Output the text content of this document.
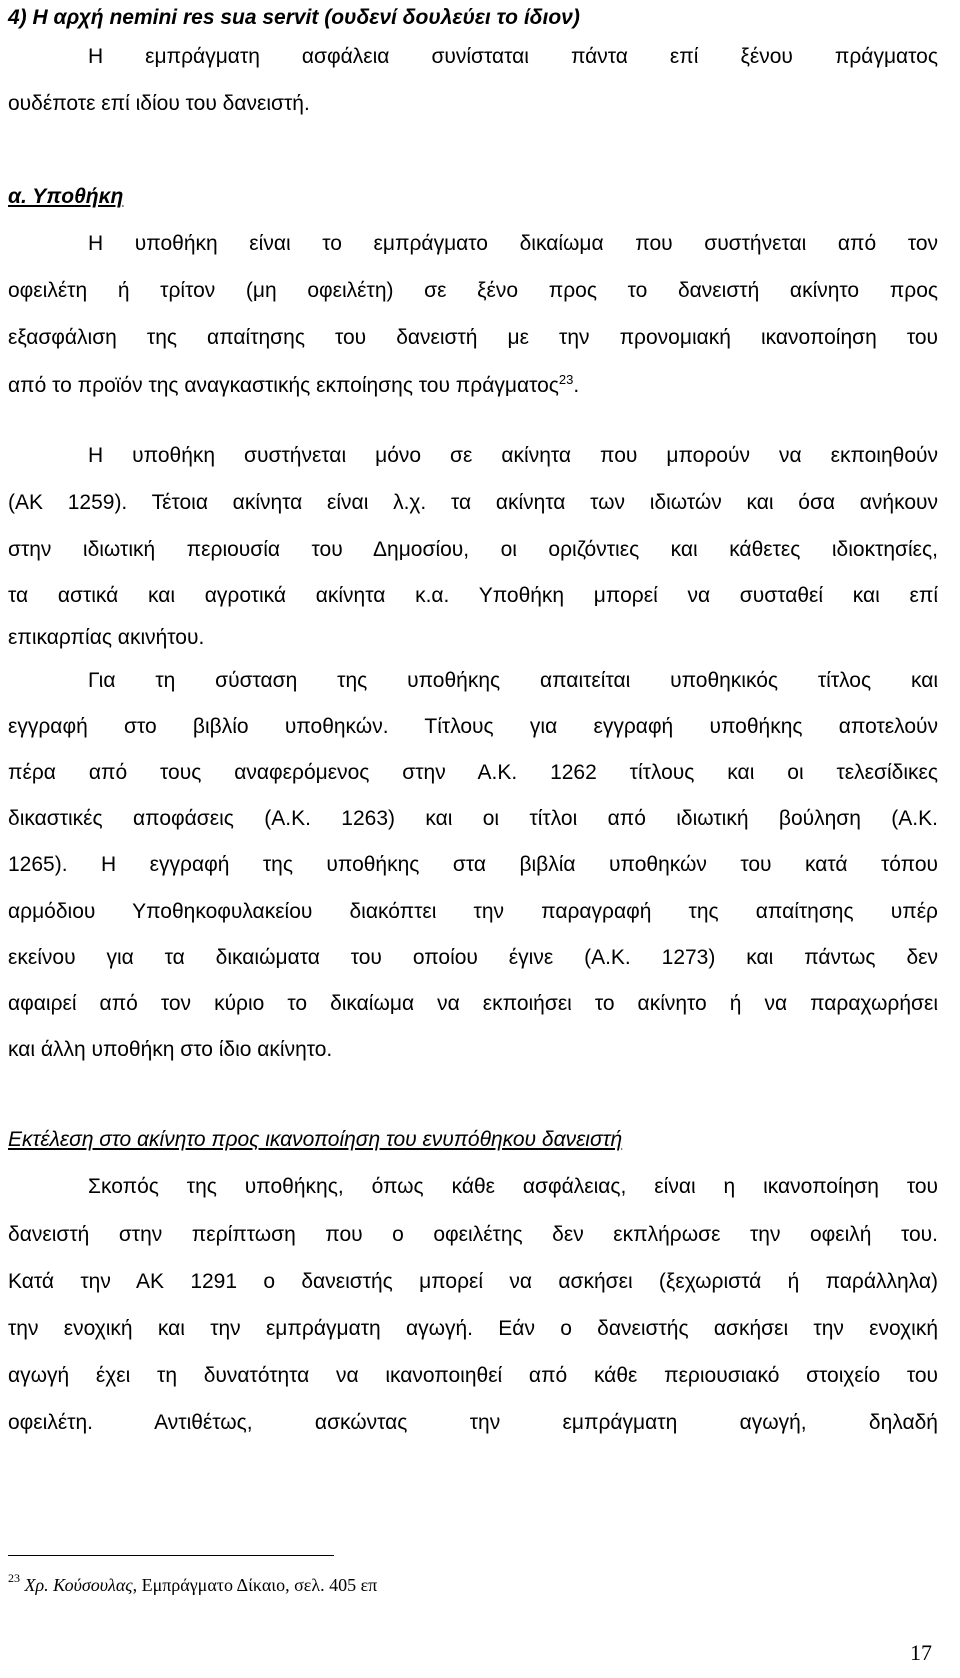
4) Η αρχή nemini res sua servit (ουδενί δουλεύει το ίδιον)
Η εμπράγματη ασφάλεια συνίσταται πάντα επί ξένου πράγματος
ουδέποτε επί ιδίου του δανειστή.
α. Υποθήκη
Η υποθήκη είναι το εμπράγματο δικαίωμα που συστήνεται από τον
οφειλέτη ή τρίτον (μη οφειλέτη) σε ξένο προς το δανειστή ακίνητο προς
εξασφάλιση της απαίτησης του δανειστή με την προνομιακή ικανοποίηση του
από το προϊόν της αναγκαστικής εκποίησης του πράγματος$^{23}$.
Η υποθήκη συστήνεται μόνο σε ακίνητα που μπορούν να εκποιηθούν
(ΑΚ 1259). Τέτοια ακίνητα είναι λ.χ. τα ακίνητα των ιδιωτών και όσα ανήκουν
στην ιδιωτική περιουσία του Δημοσίου, οι οριζόντιες και κάθετες ιδιοκτησίες,
τα αστικά και αγροτικά ακίνητα κ.α. Υποθήκη μπορεί να συσταθεί και επί
επικαρπίας ακινήτου.
Για τη σύσταση της υποθήκης απαιτείται υποθηκικός τίτλος και
εγγραφή στο βιβλίο υποθηκών. Τίτλους για εγγραφή υποθήκης αποτελούν
πέρα από τους αναφερόμενος στην Α.Κ. 1262 τίτλους και οι τελεσίδικες
δικαστικές αποφάσεις (Α.Κ. 1263) και οι τίτλοι από ιδιωτική βούληση (Α.Κ.
1265). Η εγγραφή της υποθήκης στα βιβλία υποθηκών του κατά τόπου
αρμόδιου Υποθηκοφυλακείου διακόπτει την παραγραφή της απαίτησης υπέρ
εκείνου για τα δικαιώματα του οποίου έγινε (Α.Κ. 1273) και πάντως δεν
αφαιρεί από τον κύριο το δικαίωμα να εκποιήσει το ακίνητο ή να παραχωρήσει
και άλλη υποθήκη στο ίδιο ακίνητο.
Εκτέλεση στο ακίνητο προς ικανοποίηση του ενυπόθηκου δανειστή
Σκοπός της υποθήκης, όπως κάθε ασφάλειας, είναι η ικανοποίηση του
δανειστή στην περίπτωση που ο οφειλέτης δεν εκπλήρωσε την οφειλή του.
Κατά την ΑΚ 1291 ο δανειστής μπορεί να ασκήσει (ξεχωριστά ή παράλληλα)
την ενοχική και την εμπράγματη αγωγή. Εάν ο δανειστής ασκήσει την ενοχική
αγωγή έχει τη δυνατότητα να ικανοποιηθεί από κάθε περιουσιακό στοιχείο του
οφειλέτη. Αντιθέτως, ασκώντας την εμπράγματη αγωγή, δηλαδή
$^{23}$ Χρ. Κούσουλας, Εμπράγματο Δίκαιο, σελ. 405 επ
17
